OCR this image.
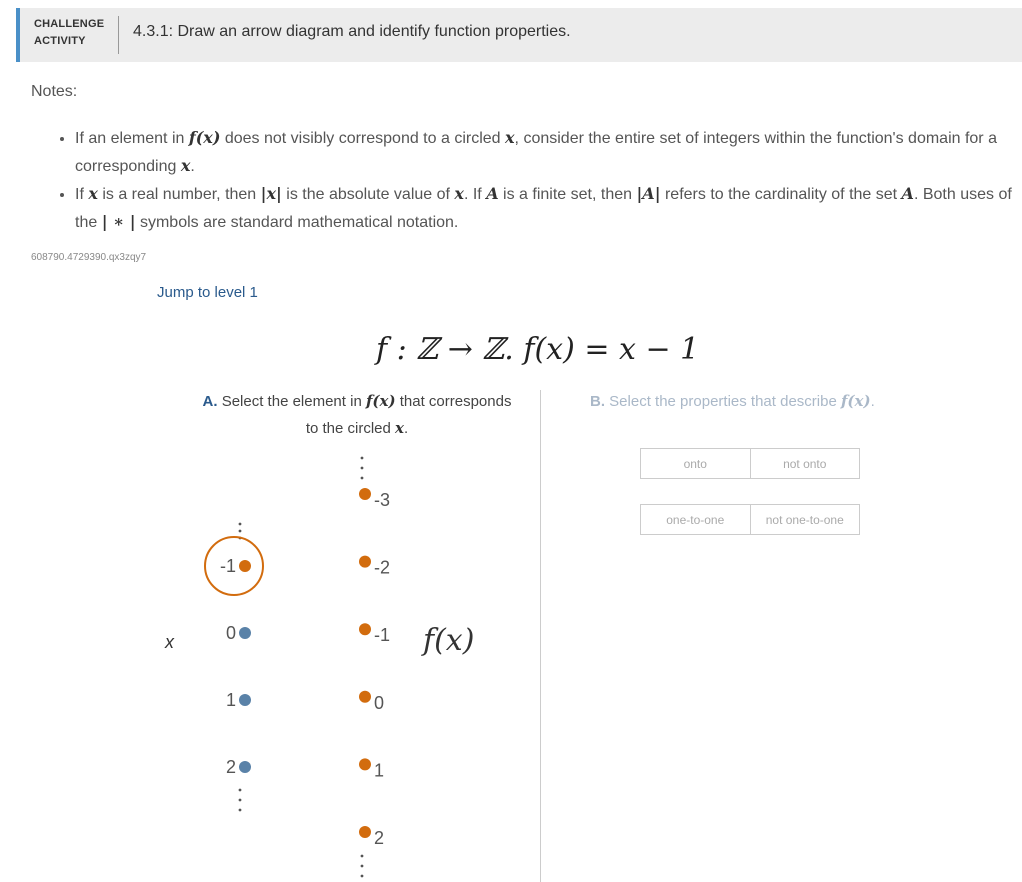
CHALLENGE
ACTIVITY
4.3.1: Draw an arrow diagram and identify function properties.
Notes:
• If an element in f(x) does not visibly correspond to a circled x, consider the entire set of integers within the function's domain for a corresponding x.
• If x is a real number, then |x| is the absolute value of x. If A is a finite set, then |A| refers to the cardinality of the set A. Both uses of the | ∗ | symbols are standard mathematical notation.
608790.4729390.qx3zqy7
Jump to level 1
f : ℤ → ℤ. f(x) = x − 1
A. Select the element in f(x) that corresponds
to the circled x.
B. Select the properties that describe f(x).
onto	not onto
one-to-one	not one-to-one
x	f(x)
-1
0
1
2
-3
-2
-1
0
1
2
